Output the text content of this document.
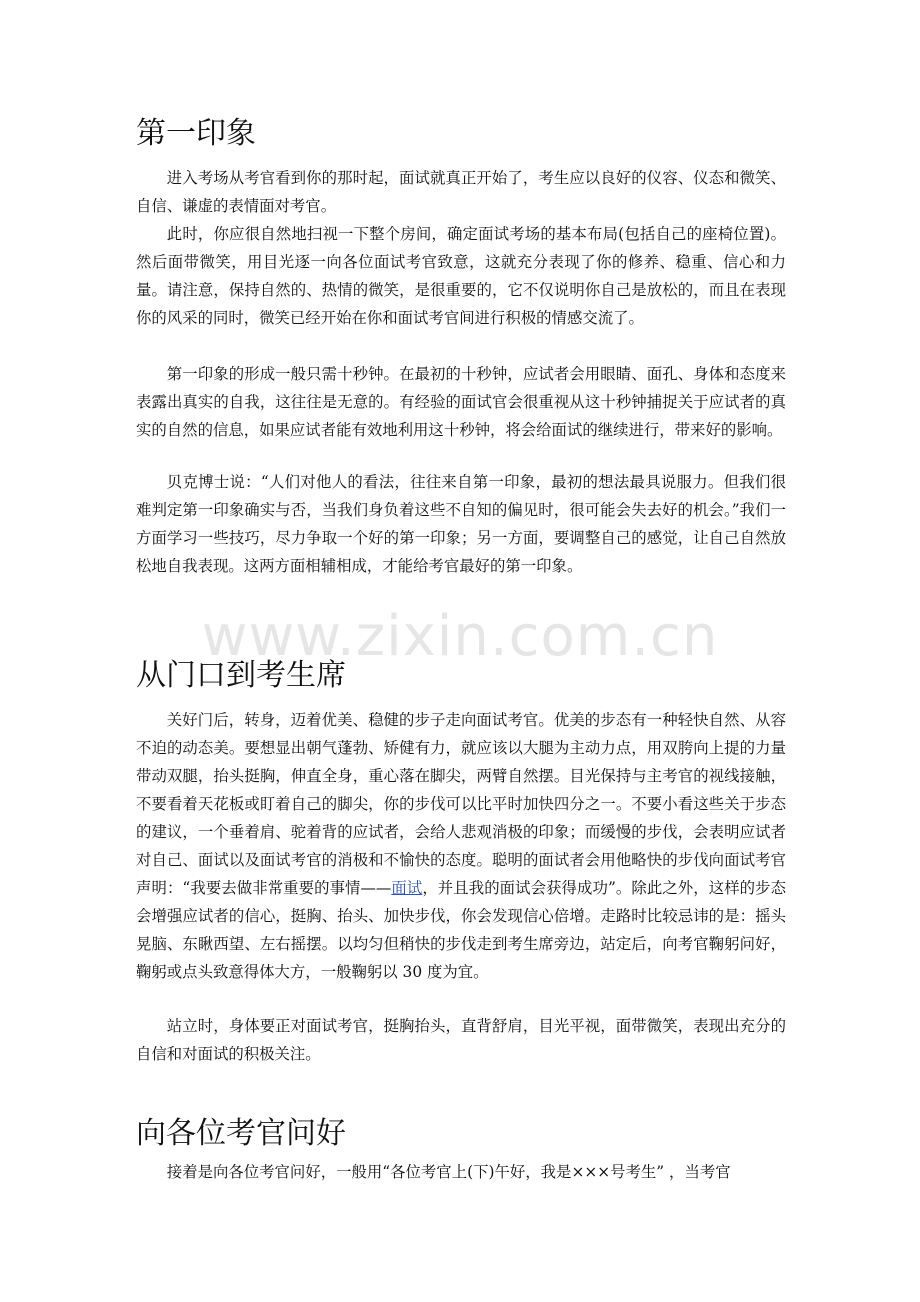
www.zixin.com.cn
第一印象

进入考场从考官看到你的那时起，面试就真正开始了，考生应以良好的仪容、仪态和微笑、自信、谦虚的表情面对考官。

此时，你应很自然地扫视一下整个房间，确定面试考场的基本布局(包括自己的座椅位置)。然后面带微笑，用目光逐一向各位面试考官致意，这就充分表现了你的修养、稳重、信心和力量。请注意，保持自然的、热情的微笑，是很重要的，它不仅说明你自己是放松的，而且在表现你的风采的同时，微笑已经开始在你和面试考官间进行积极的情感交流了。

第一印象的形成一般只需十秒钟。在最初的十秒钟，应试者会用眼睛、面孔、身体和态度来表露出真实的自我，这往往是无意的。有经验的面试官会很重视从这十秒钟捕捉关于应试者的真实的自然的信息，如果应试者能有效地利用这十秒钟，将会给面试的继续进行，带来好的影响。

贝克博士说：“人们对他人的看法，往往来自第一印象，最初的想法最具说服力。但我们很难判定第一印象确实与否，当我们身负着这些不自知的偏见时，很可能会失去好的机会。”我们一方面学习一些技巧，尽力争取一个好的第一印象；另一方面，要调整自己的感觉，让自己自然放松地自我表现。这两方面相辅相成，才能给考官最好的第一印象。

从门口到考生席

关好门后，转身，迈着优美、稳健的步子走向面试考官。优美的步态有一种轻快自然、从容不迫的动态美。要想显出朝气蓬勃、矫健有力，就应该以大腿为主动力点，用双胯向上提的力量带动双腿，抬头挺胸，伸直全身，重心落在脚尖，两臂自然摆。目光保持与主考官的视线接触，不要看着天花板或盯着自己的脚尖，你的步伐可以比平时加快四分之一。不要小看这些关于步态的建议，一个垂着肩、驼着背的应试者，会给人悲观消极的印象；而缓慢的步伐，会表明应试者对自己、面试以及面试考官的消极和不愉快的态度。聪明的面试者会用他略快的步伐向面试考官声明：“我要去做非常重要的事情——面试，并且我的面试会获得成功”。除此之外，这样的步态会增强应试者的信心，挺胸、抬头、加快步伐，你会发现信心倍增。走路时比较忌讳的是：摇头晃脑、东瞅西望、左右摇摆。以均匀但稍快的步伐走到考生席旁边，站定后，向考官鞠躬问好，鞠躬或点头致意得体大方，一般鞠躬以 30 度为宜。

站立时，身体要正对面试考官，挺胸抬头，直背舒肩，目光平视，面带微笑，表现出充分的自信和对面试的积极关注。

向各位考官问好

接着是向各位考官问好，一般用“各位考官上(下)午好，我是×××号考生” ，当考官
